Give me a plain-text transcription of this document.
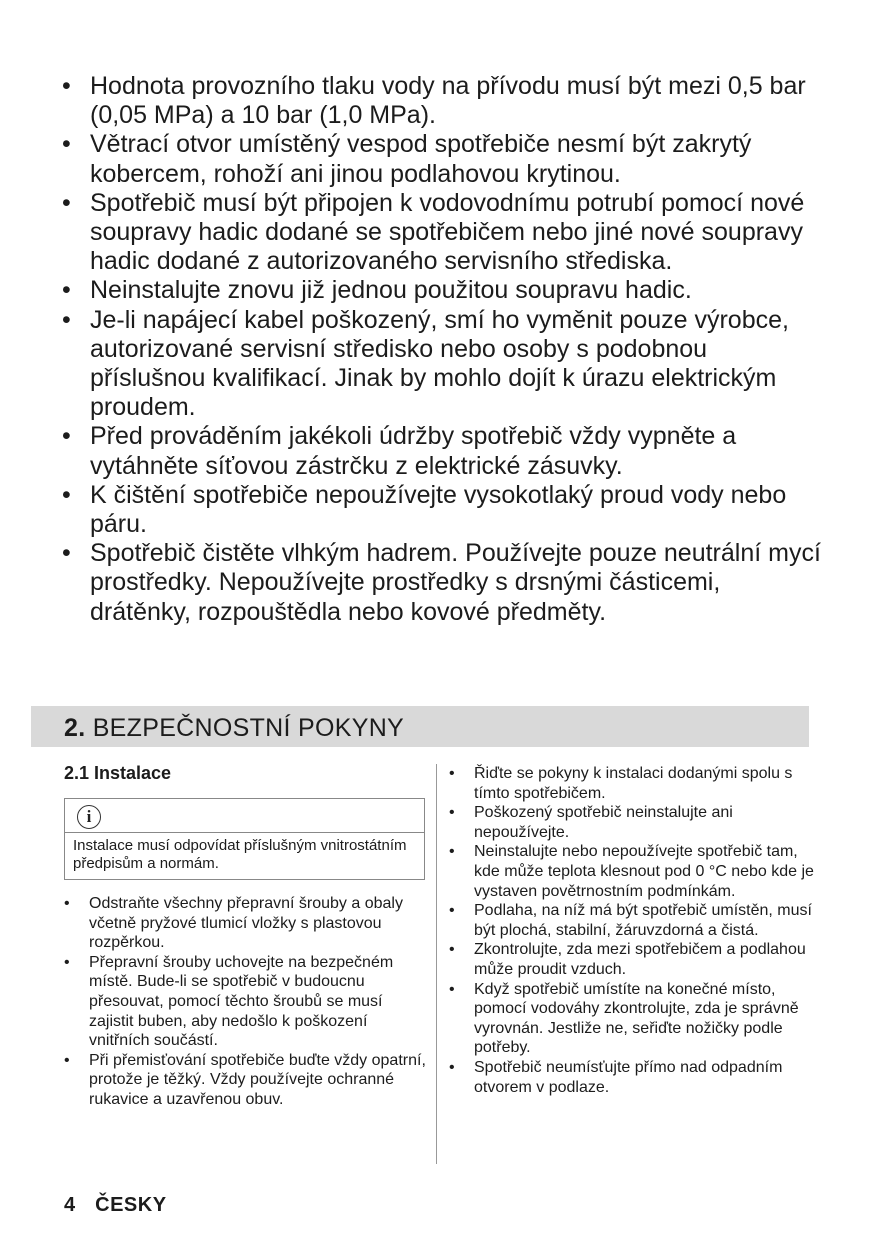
• Hodnota provozního tlaku vody na přívodu musí být mezi 0,5 bar (0,05 MPa) a 10 bar (1,0 MPa).
• Větrací otvor umístěný vespod spotřebiče nesmí být zakrytý kobercem, rohoží ani jinou podlahovou krytinou.
• Spotřebič musí být připojen k vodovodnímu potrubí pomocí nové soupravy hadic dodané se spotřebičem nebo jiné nové soupravy hadic dodané z autorizovaného servisního střediska.
• Neinstalujte znovu již jednou použitou soupravu hadic.
• Je-li napájecí kabel poškozený, smí ho vyměnit pouze výrobce, autorizované servisní středisko nebo osoby s podobnou příslušnou kvalifikací. Jinak by mohlo dojít k úrazu elektrickým proudem.
• Před prováděním jakékoli údržby spotřebič vždy vypněte a vytáhněte síťovou zástrčku z elektrické zásuvky.
• K čištění spotřebiče nepoužívejte vysokotlaký proud vody nebo páru.
• Spotřebič čistěte vlhkým hadrem. Používejte pouze neutrální mycí prostředky. Nepoužívejte prostředky s drsnými částicemi, drátěnky, rozpouštědla nebo kovové předměty.
2. BEZPEČNOSTNÍ POKYNY
2.1 Instalace
i
Instalace musí odpovídat příslušným vnitrostátním předpisům a normám.
• Odstraňte všechny přepravní šrouby a obaly včetně pryžové tlumicí vložky s plastovou rozpěrkou.
• Přepravní šrouby uchovejte na bezpečném místě. Bude-li se spotřebič v budoucnu přesouvat, pomocí těchto šroubů se musí zajistit buben, aby nedošlo k poškození vnitřních součástí.
• Při přemisťování spotřebiče buďte vždy opatrní, protože je těžký. Vždy používejte ochranné rukavice a uzavřenou obuv.
• Řiďte se pokyny k instalaci dodanými spolu s tímto spotřebičem.
• Poškozený spotřebič neinstalujte ani nepoužívejte.
• Neinstalujte nebo nepoužívejte spotřebič tam, kde může teplota klesnout pod 0 °C nebo kde je vystaven povětrnostním podmínkám.
• Podlaha, na níž má být spotřebič umístěn, musí být plochá, stabilní, žáruvzdorná a čistá.
• Zkontrolujte, zda mezi spotřebičem a podlahou může proudit vzduch.
• Když spotřebič umístíte na konečné místo, pomocí vodováhy zkontrolujte, zda je správně vyrovnán. Jestliže ne, seřiďte nožičky podle potřeby.
• Spotřebič neumísťujte přímo nad odpadním otvorem v podlaze.
4 ČESKY
